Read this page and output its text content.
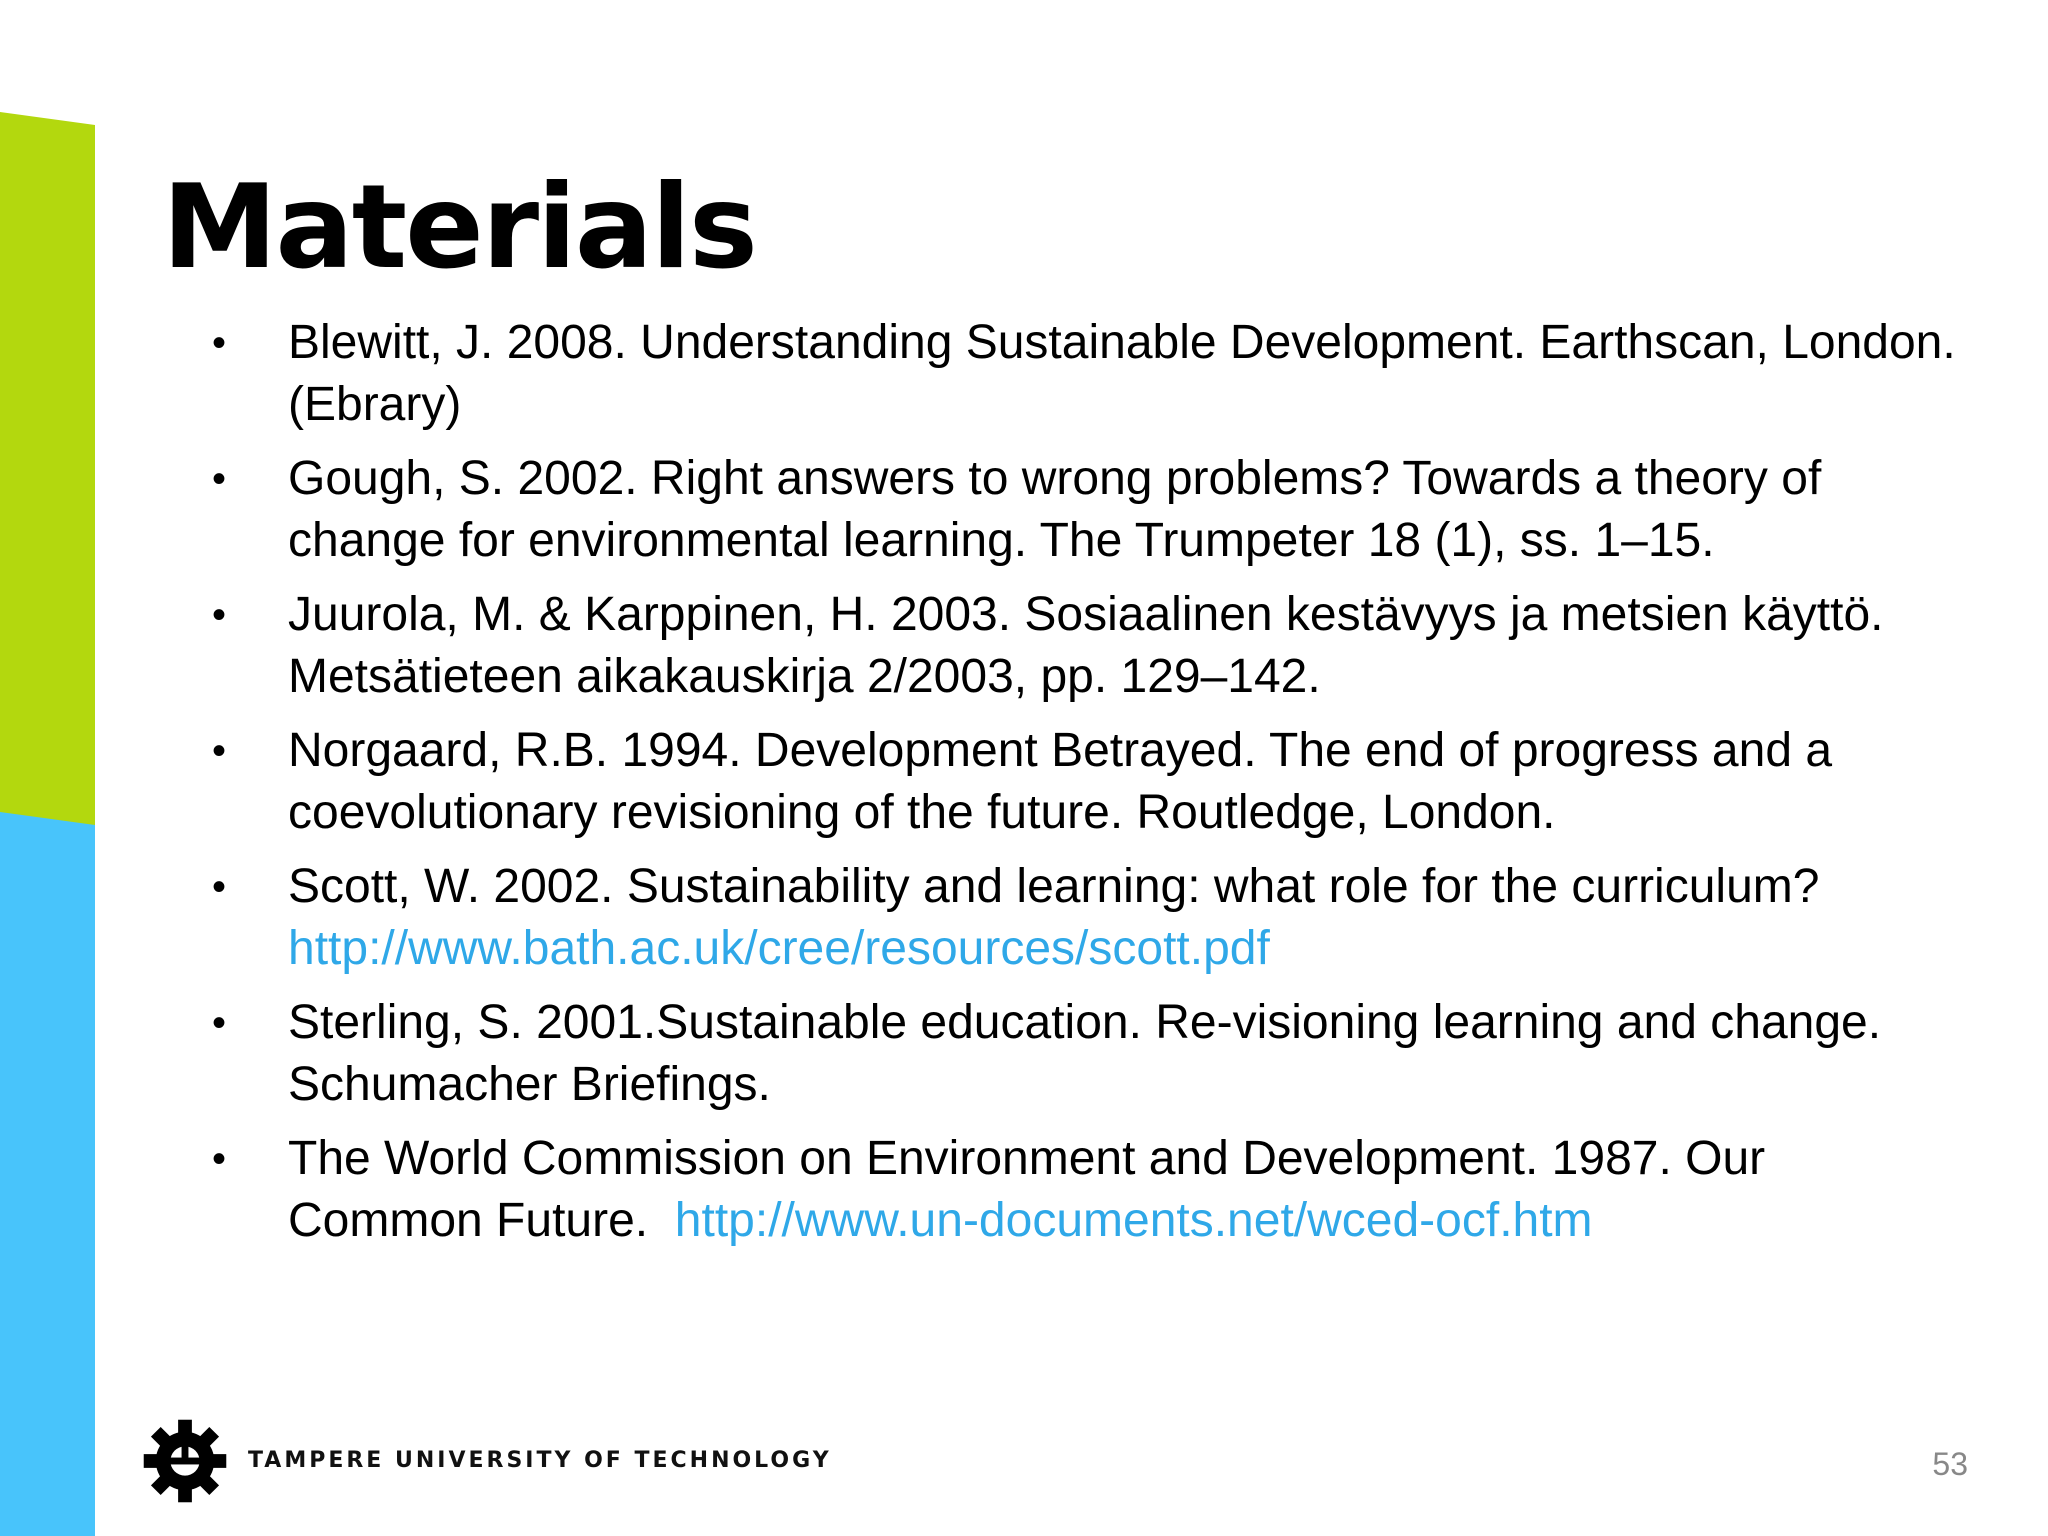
Materials
• Blewitt, J. 2008. Understanding Sustainable Development. Earthscan, London. (Ebrary)
• Gough, S. 2002. Right answers to wrong problems? Towards a theory of change for environmental learning. The Trumpeter 18 (1), ss. 1–15.
• Juurola, M. & Karppinen, H. 2003. Sosiaalinen kestävyys ja metsien käyttö. Metsätieteen aikakauskirja 2/2003, pp. 129–142.
• Norgaard, R.B. 1994. Development Betrayed. The end of progress and a coevolutionary revisioning of the future. Routledge, London.
• Scott, W. 2002. Sustainability and learning: what role for the curriculum?
http://www.bath.ac.uk/cree/resources/scott.pdf
• Sterling, S. 2001.Sustainable education. Re-visioning learning and change. Schumacher Briefings.
• The World Commission on Environment and Development. 1987. Our Common Future. http://www.un-documents.net/wced-ocf.htm
TAMPERE UNIVERSITY OF TECHNOLOGY	53
